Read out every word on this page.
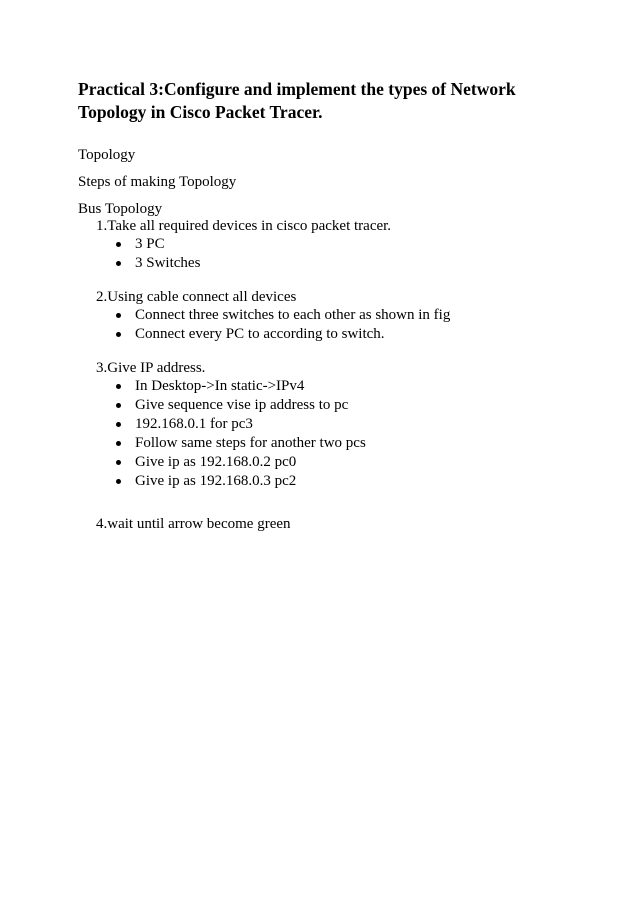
Practical 3:Configure and implement the types of Network Topology in Cisco Packet Tracer.

Topology

Steps of making Topology

Bus Topology

1.Take all required devices in cisco packet tracer.

3 PC
3 Switches

2.Using cable connect all devices

Connect three switches to each other as shown in fig
Connect every PC to according to switch.

3.Give IP address.

In Desktop->In static->IPv4
Give sequence vise ip address to pc
192.168.0.1 for pc3
Follow same steps for another two pcs
Give ip as 192.168.0.2 pc0
Give ip as 192.168.0.3 pc2

4.wait until arrow become green
